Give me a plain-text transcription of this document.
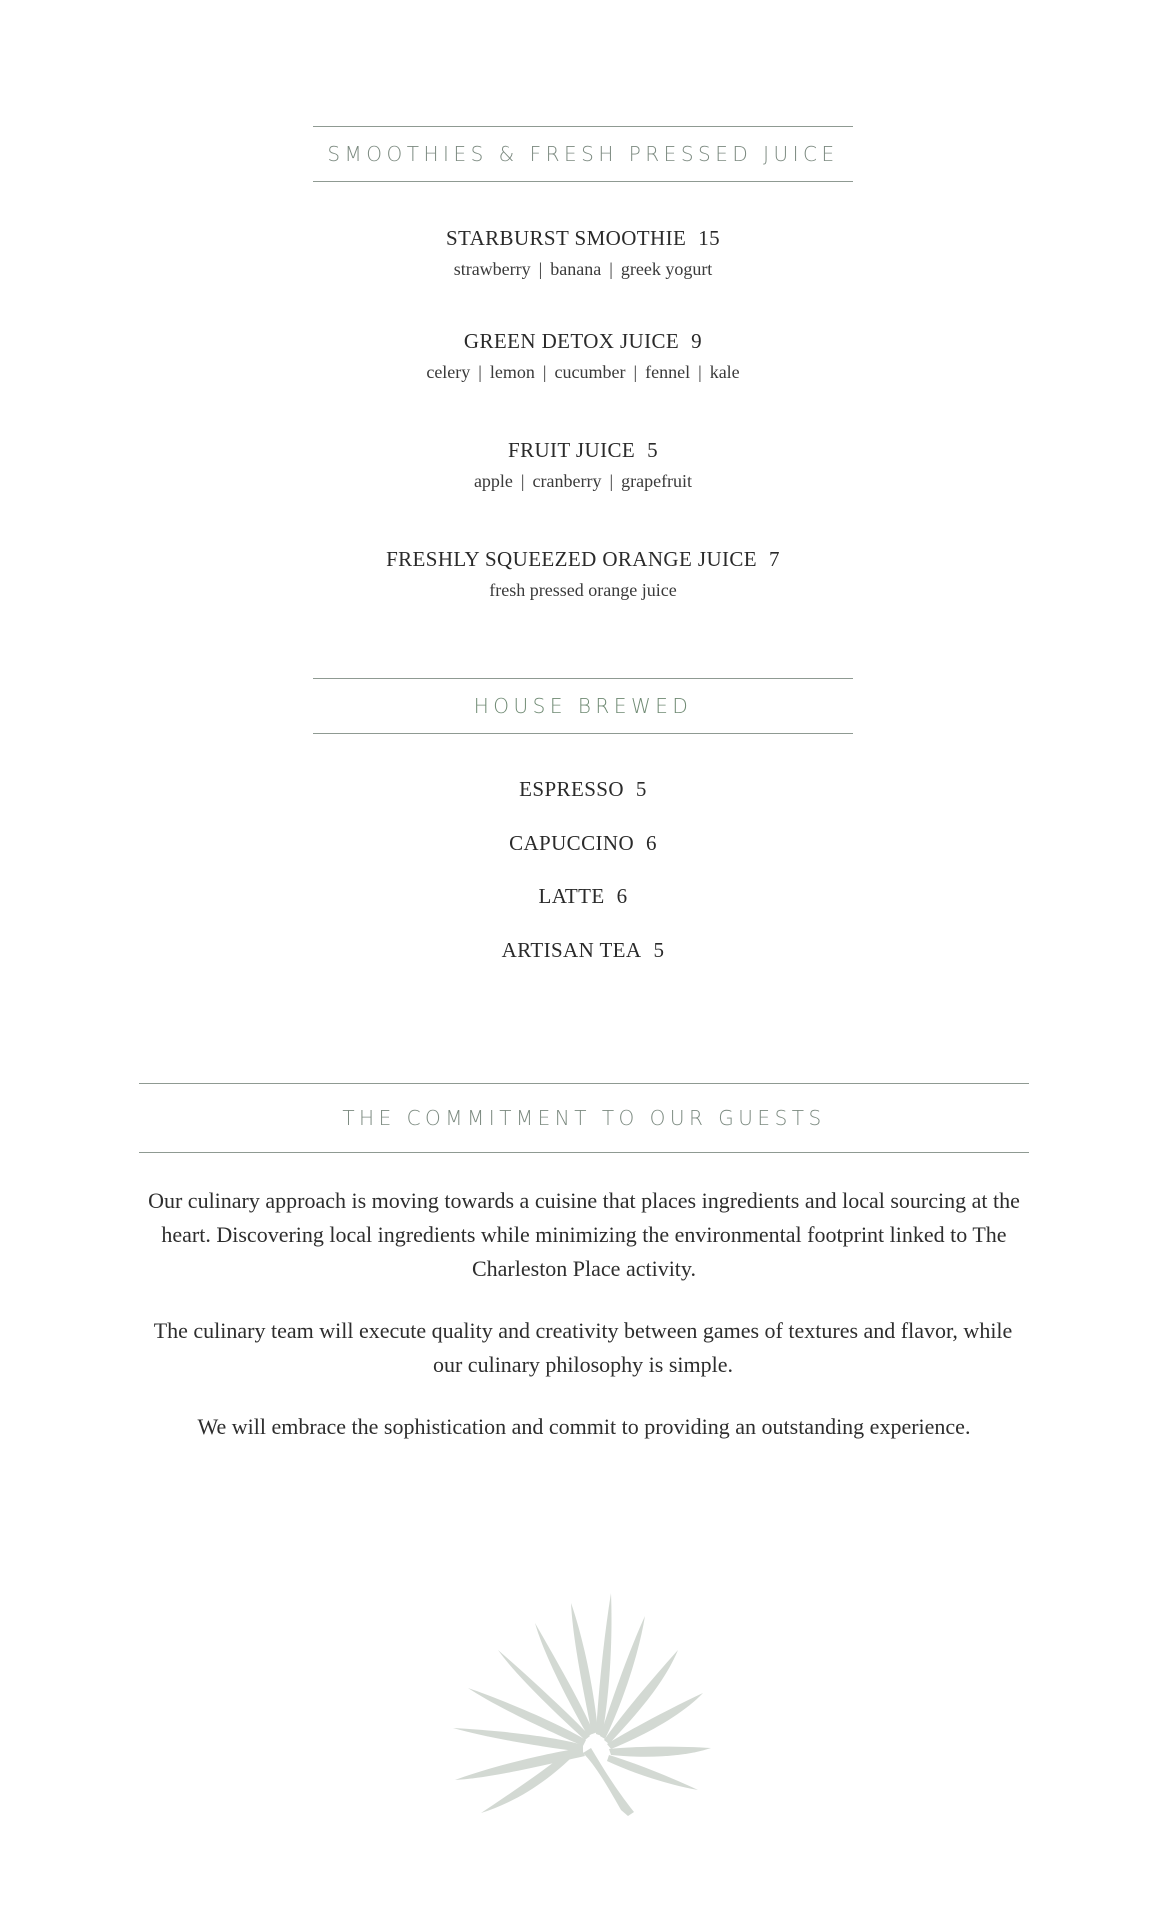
SMOOTHIES & FRESH PRESSED JUICE
STARBURST SMOOTHIE 15
strawberry | banana | greek yogurt
GREEN DETOX JUICE 9
celery | lemon | cucumber | fennel | kale
FRUIT JUICE 5
apple | cranberry | grapefruit
FRESHLY SQUEEZED ORANGE JUICE 7
fresh pressed orange juice
HOUSE BREWED
ESPRESSO 5
CAPUCCINO 6
LATTE 6
ARTISAN TEA 5
THE COMMITMENT TO OUR GUESTS

Our culinary approach is moving towards a cuisine that places ingredients and local sourcing at the heart. Discovering local ingredients while minimizing the environmental footprint linked to The Charleston Place activity.

The culinary team will execute quality and creativity between games of textures and flavor, while our culinary philosophy is simple.

We will embrace the sophistication and commit to providing an outstanding experience.
